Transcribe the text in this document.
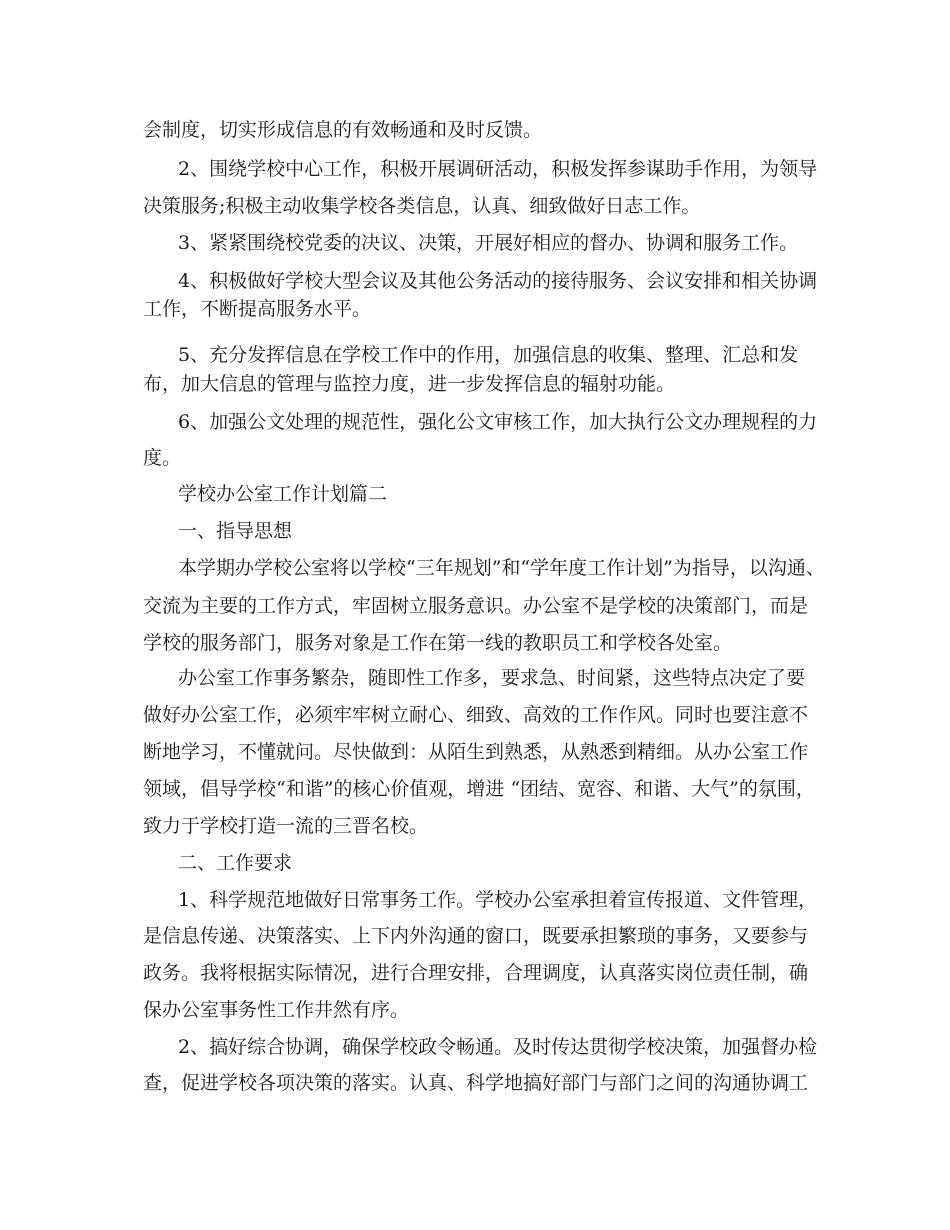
会制度，切实形成信息的有效畅通和及时反馈。
2、围绕学校中心工作，积极开展调研活动，积极发挥参谋助手作用，为领导
决策服务;积极主动收集学校各类信息，认真、细致做好日志工作。
3、紧紧围绕校党委的决议、决策，开展好相应的督办、协调和服务工作。
4、积极做好学校大型会议及其他公务活动的接待服务、会议安排和相关协调
工作，不断提高服务水平。
5、充分发挥信息在学校工作中的作用，加强信息的收集、整理、汇总和发
布，加大信息的管理与监控力度，进一步发挥信息的辐射功能。
6、加强公文处理的规范性，强化公文审核工作，加大执行公文办理规程的力
度。
学校办公室工作计划篇二
一、指导思想
本学期办学校公室将以学校“三年规划”和“学年度工作计划”为指导，以沟通、
交流为主要的工作方式，牢固树立服务意识。办公室不是学校的决策部门，而是
学校的服务部门，服务对象是工作在第一线的教职员工和学校各处室。
办公室工作事务繁杂，随即性工作多，要求急、时间紧，这些特点决定了要
做好办公室工作，必须牢牢树立耐心、细致、高效的工作作风。同时也要注意不
断地学习，不懂就问。尽快做到：从陌生到熟悉，从熟悉到精细。从办公室工作
领域，倡导学校“和谐”的核心价值观，增进 “团结、宽容、和谐、大气”的氛围，
致力于学校打造一流的三晋名校。
二、工作要求
1、科学规范地做好日常事务工作。学校办公室承担着宣传报道、文件管理，
是信息传递、决策落实、上下内外沟通的窗口，既要承担繁琐的事务，又要参与
政务。我将根据实际情况，进行合理安排，合理调度，认真落实岗位责任制，确
保办公室事务性工作井然有序。
2、搞好综合协调，确保学校政令畅通。及时传达贯彻学校决策，加强督办检
查，促进学校各项决策的落实。认真、科学地搞好部门与部门之间的沟通协调工
